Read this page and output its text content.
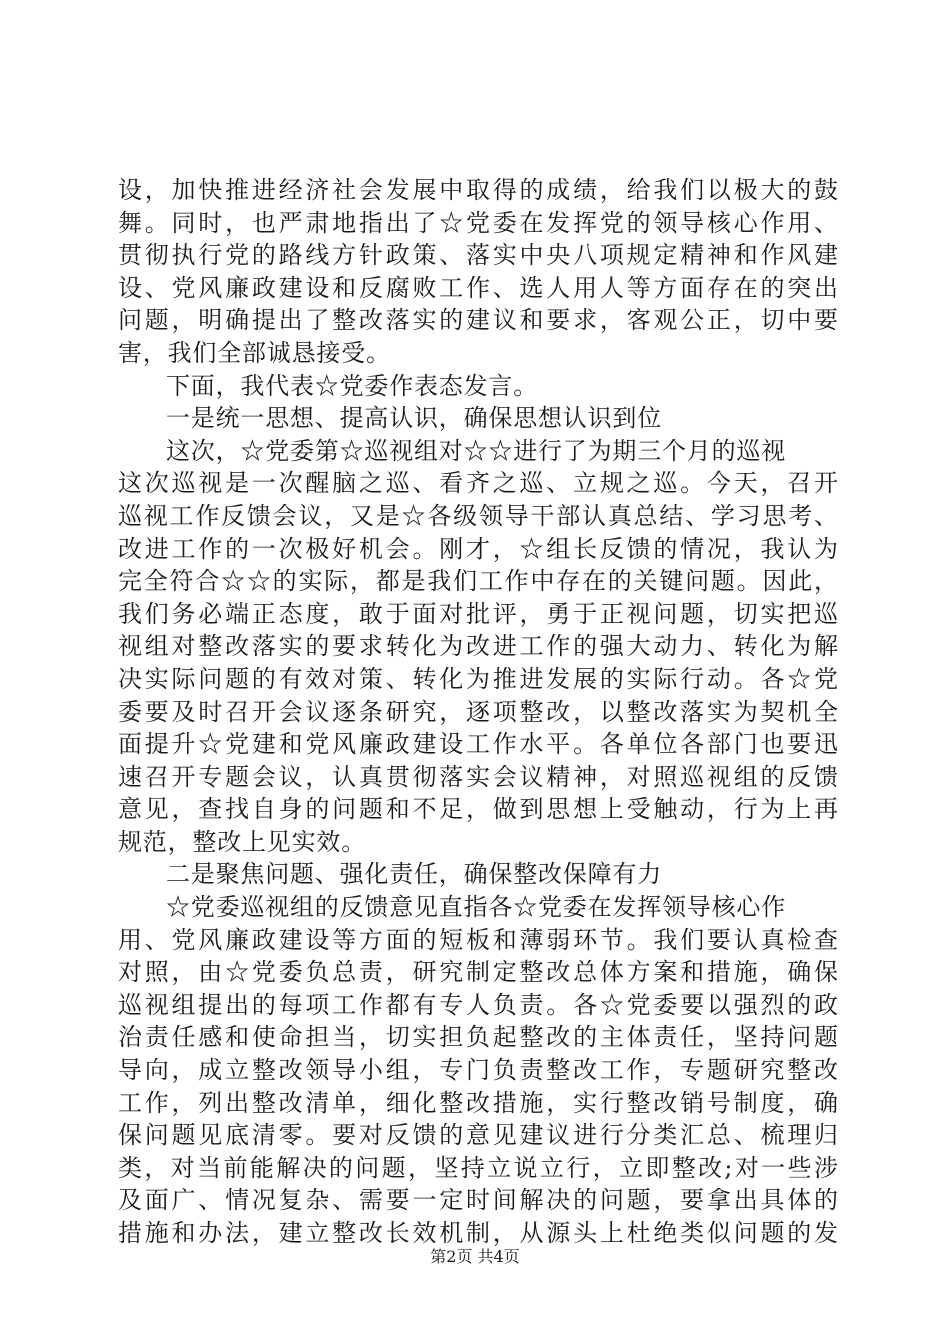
设，加快推进经济社会发展中取得的成绩，给我们以极大的鼓
舞。同时，也严肃地指出了☆党委在发挥党的领导核心作用、
贯彻执行党的路线方针政策、落实中央八项规定精神和作风建
设、党风廉政建设和反腐败工作、选人用人等方面存在的突出
问题，明确提出了整改落实的建议和要求，客观公正，切中要
害，我们全部诚恳接受。
下面，我代表☆党委作表态发言。
一是统一思想、提高认识，确保思想认识到位
这次，☆党委第☆巡视组对☆☆进行了为期三个月的巡视
这次巡视是一次醒脑之巡、看齐之巡、立规之巡。今天，召开
巡视工作反馈会议，又是☆各级领导干部认真总结、学习思考、
改进工作的一次极好机会。刚才，☆组长反馈的情况，我认为
完全符合☆☆的实际，都是我们工作中存在的关键问题。因此，
我们务必端正态度，敢于面对批评，勇于正视问题，切实把巡
视组对整改落实的要求转化为改进工作的强大动力、转化为解
决实际问题的有效对策、转化为推进发展的实际行动。各☆党
委要及时召开会议逐条研究，逐项整改，以整改落实为契机全
面提升☆党建和党风廉政建设工作水平。各单位各部门也要迅
速召开专题会议，认真贯彻落实会议精神，对照巡视组的反馈
意见，查找自身的问题和不足，做到思想上受触动，行为上再
规范，整改上见实效。
二是聚焦问题、强化责任，确保整改保障有力
☆党委巡视组的反馈意见直指各☆党委在发挥领导核心作
用、党风廉政建设等方面的短板和薄弱环节。我们要认真检查
对照，由☆党委负总责，研究制定整改总体方案和措施，确保
巡视组提出的每项工作都有专人负责。各☆党委要以强烈的政
治责任感和使命担当，切实担负起整改的主体责任，坚持问题
导向，成立整改领导小组，专门负责整改工作，专题研究整改
工作，列出整改清单，细化整改措施，实行整改销号制度，确
保问题见底清零。要对反馈的意见建议进行分类汇总、梳理归
类，对当前能解决的问题，坚持立说立行，立即整改;对一些涉
及面广、情况复杂、需要一定时间解决的问题，要拿出具体的
措施和办法，建立整改长效机制，从源头上杜绝类似问题的发
第2页 共4页
